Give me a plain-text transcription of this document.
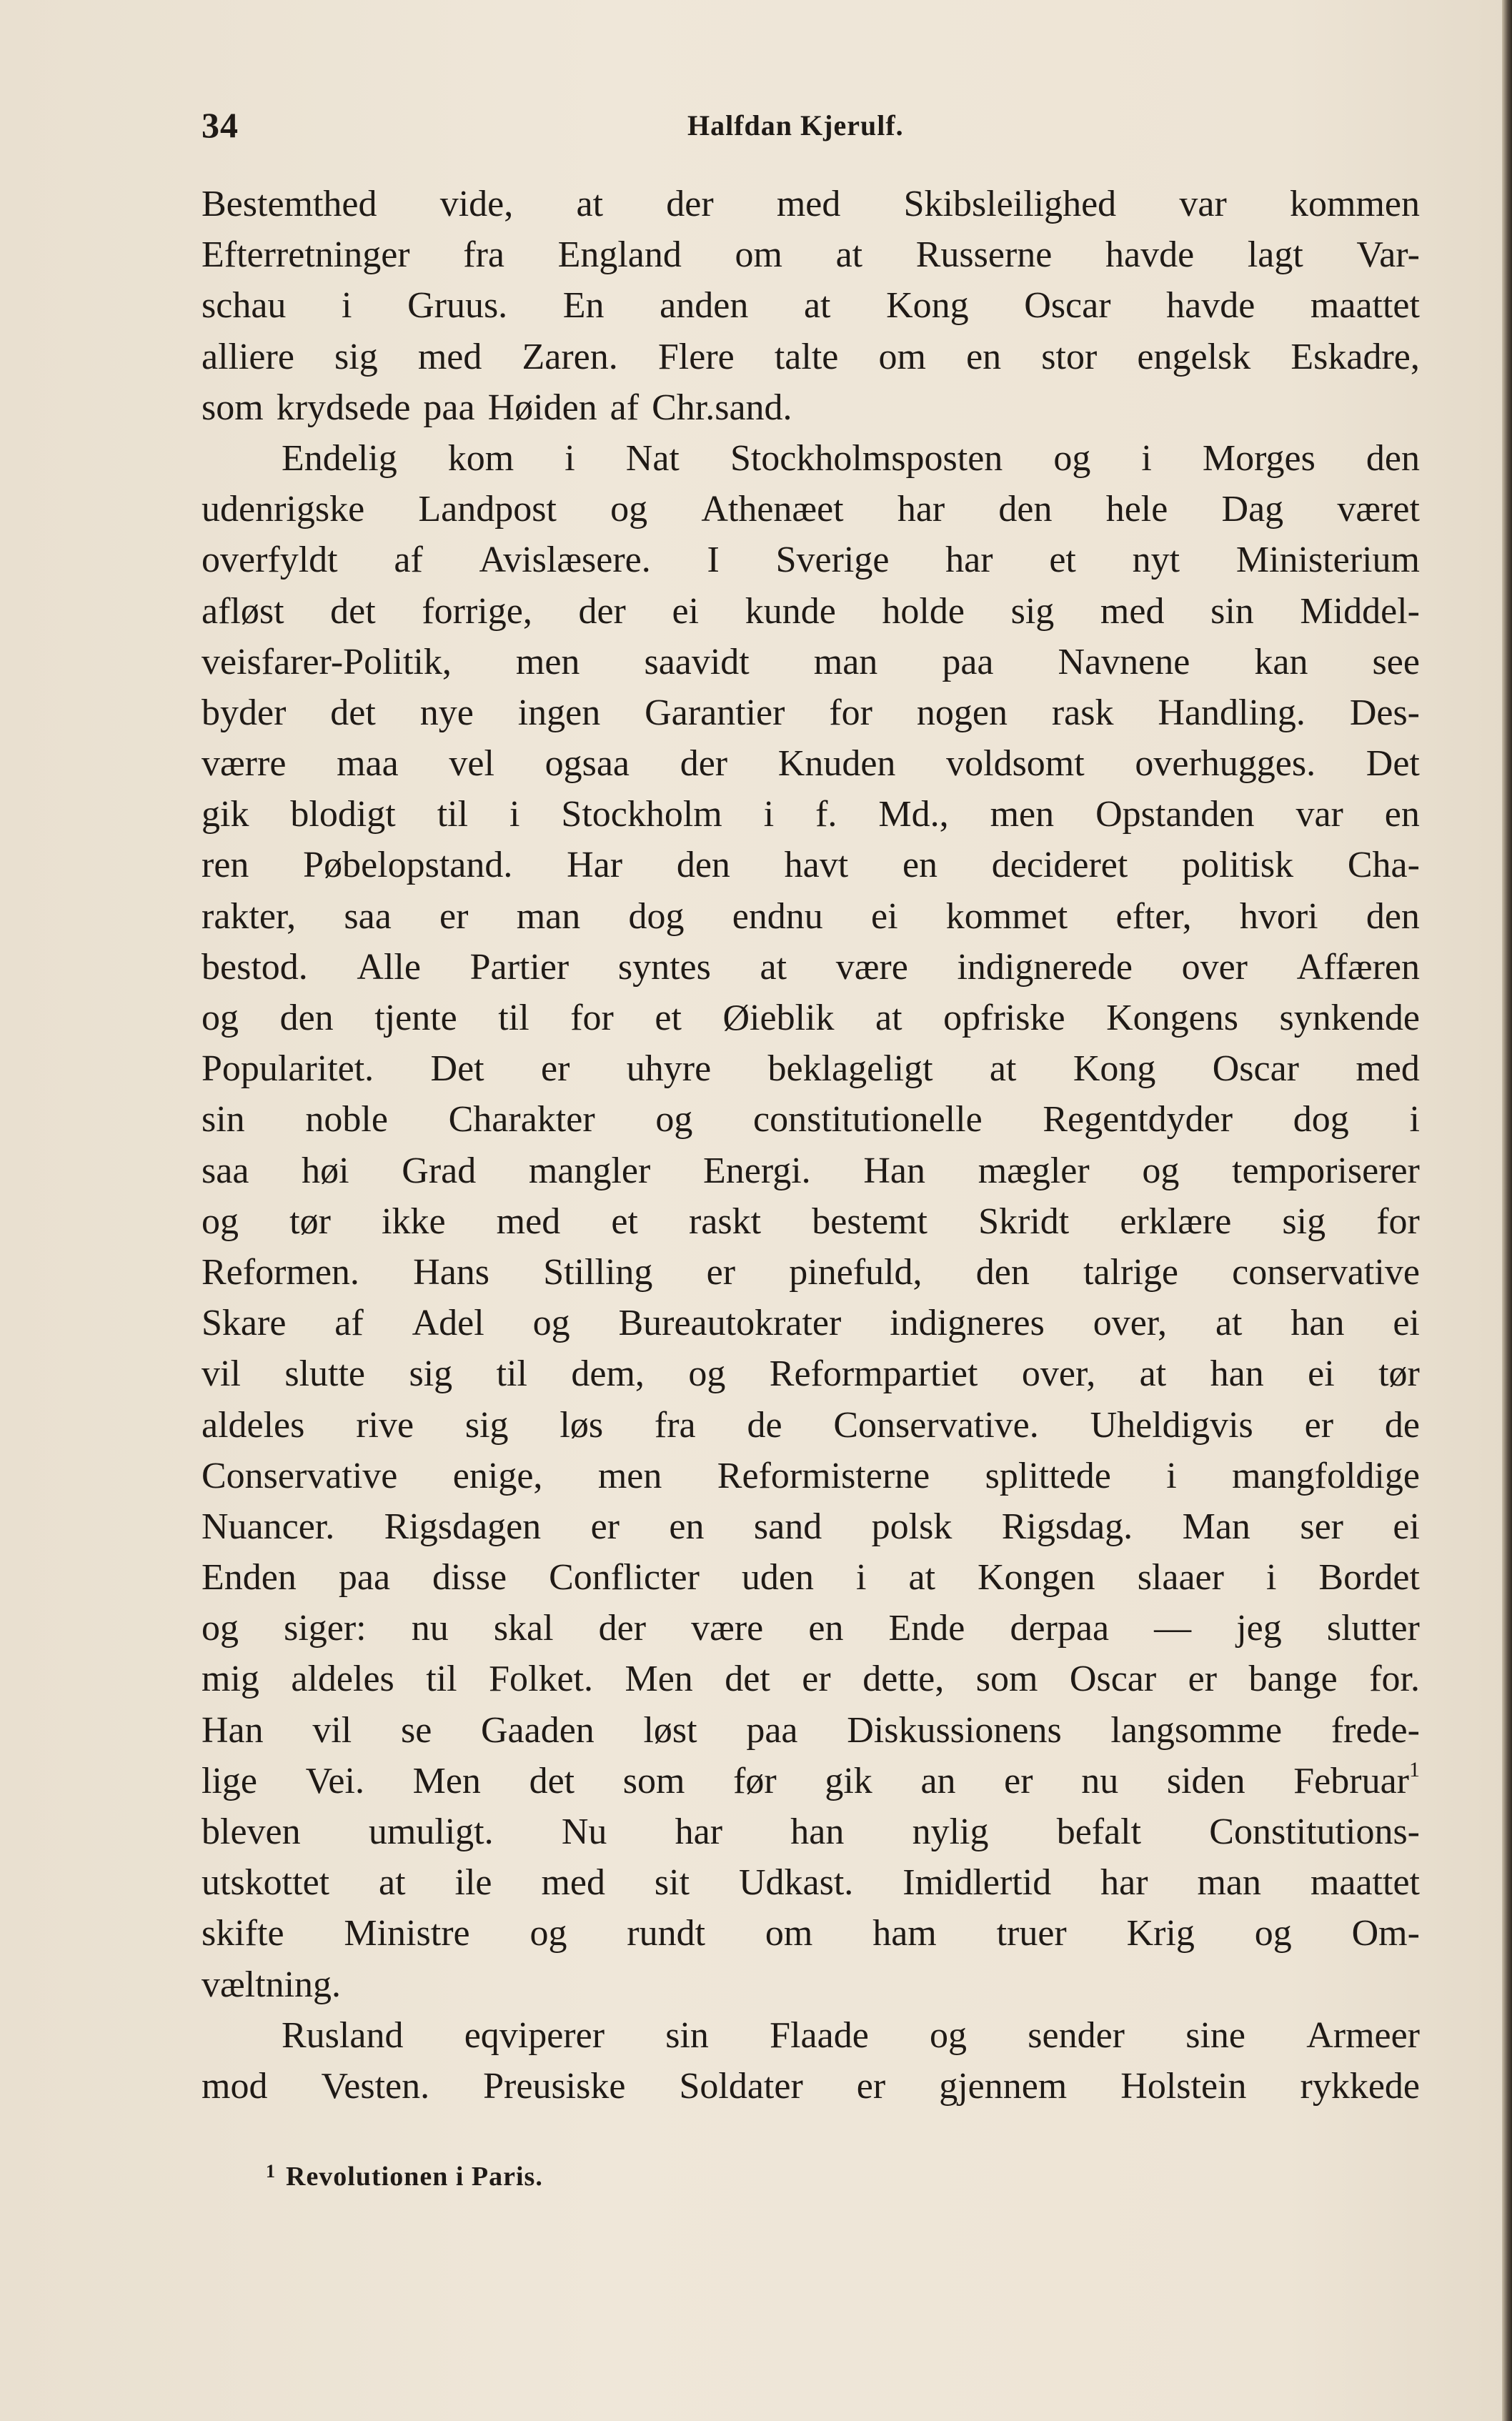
34	Halfdan Kjerulf.
Bestemthed vide, at der med Skibsleilighed var kommen
Efterretninger fra England om at Russerne havde lagt Var-
schau i Gruus. En anden at Kong Oscar havde maattet
alliere sig med Zaren. Flere talte om en stor engelsk Eskadre,
som krydsede paa Høiden af Chr.sand.
Endelig kom i Nat Stockholmsposten og i Morges den
udenrigske Landpost og Athenæet har den hele Dag været
overfyldt af Avislæsere. I Sverige har et nyt Ministerium
afløst det forrige, der ei kunde holde sig med sin Middel-
veisfarer-Politik, men saavidt man paa Navnene kan see
byder det nye ingen Garantier for nogen rask Handling. Des-
værre maa vel ogsaa der Knuden voldsomt overhugges. Det
gik blodigt til i Stockholm i f. Md., men Opstanden var en
ren Pøbelopstand. Har den havt en decideret politisk Cha-
rakter, saa er man dog endnu ei kommet efter, hvori den
bestod. Alle Partier syntes at være indignerede over Affæren
og den tjente til for et Øieblik at opfriske Kongens synkende
Popularitet. Det er uhyre beklageligt at Kong Oscar med
sin noble Charakter og constitutionelle Regentdyder dog i
saa høi Grad mangler Energi. Han mægler og temporiserer
og tør ikke med et raskt bestemt Skridt erklære sig for
Reformen. Hans Stilling er pinefuld, den talrige conservative
Skare af Adel og Bureautokrater indigneres over, at han ei
vil slutte sig til dem, og Reformpartiet over, at han ei tør
aldeles rive sig løs fra de Conservative. Uheldigvis er de
Conservative enige, men Reformisterne splittede i mangfoldige
Nuancer. Rigsdagen er en sand polsk Rigsdag. Man ser ei
Enden paa disse Conflicter uden i at Kongen slaaer i Bordet
og siger: nu skal der være en Ende derpaa — jeg slutter
mig aldeles til Folket. Men det er dette, som Oscar er bange for.
Han vil se Gaaden løst paa Diskussionens langsomme frede-
lige Vei. Men det som før gik an er nu siden Februar$^1$
bleven umuligt. Nu har han nylig befalt Constitutions-
utskottet at ile med sit Udkast. Imidlertid har man maattet
skifte Ministre og rundt om ham truer Krig og Om-
væltning.
Rusland eqviperer sin Flaade og sender sine Armeer
mod Vesten. Preusiske Soldater er gjennem Holstein rykkede
$^1$ Revolutionen i Paris.
